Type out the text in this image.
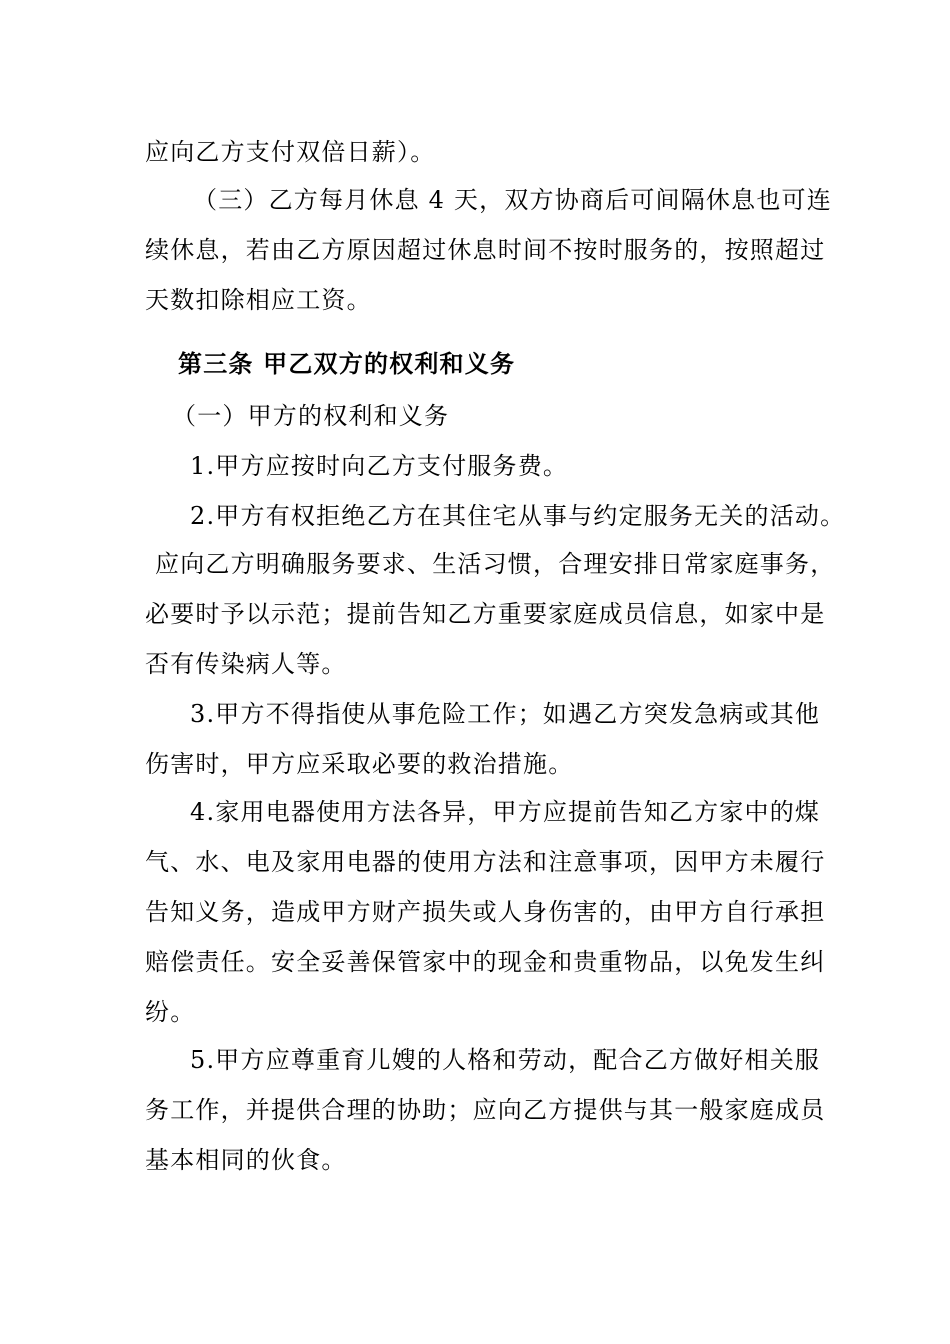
应向乙方支付双倍日薪）。
（三）乙方每月休息 4 天，双方协商后可间隔休息也可连
续休息，若由乙方原因超过休息时间不按时服务的，按照超过
天数扣除相应工资。
第三条 甲乙双方的权利和义务
（一）甲方的权利和义务
1.甲方应按时向乙方支付服务费。
2.甲方有权拒绝乙方在其住宅从事与约定服务无关的活动。
应向乙方明确服务要求、生活习惯，合理安排日常家庭事务，
必要时予以示范；提前告知乙方重要家庭成员信息，如家中是
否有传染病人等。
3.甲方不得指使从事危险工作；如遇乙方突发急病或其他
伤害时，甲方应采取必要的救治措施。
4.家用电器使用方法各异，甲方应提前告知乙方家中的煤
气、水、电及家用电器的使用方法和注意事项，因甲方未履行
告知义务，造成甲方财产损失或人身伤害的，由甲方自行承担
赔偿责任。安全妥善保管家中的现金和贵重物品，以免发生纠
纷。
5.甲方应尊重育儿嫂的人格和劳动，配合乙方做好相关服
务工作，并提供合理的协助；应向乙方提供与其一般家庭成员
基本相同的伙食。
